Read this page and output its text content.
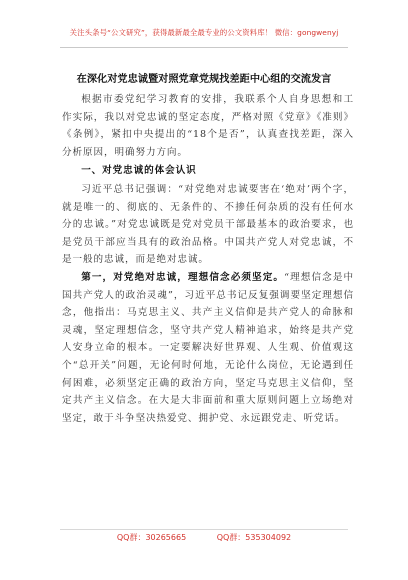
关注头条号“公文研究”，获得最新最全最专业的公文资料库！ 微信：gongwenyj
在深化对党忠诚暨对照党章党规找差距中心组的交流发言

根据市委党纪学习教育的安排，我联系个人自身思想和工作实际，我以对党忠诚的坚定态度，严格对照《党章》《准则》《条例》，紧扣中央提出的“18个是否”，认真查找差距，深入分析原因，明确努力方向。

一、对党忠诚的体会认识

习近平总书记强调：“对党绝对忠诚要害在‘绝对’两个字，就是唯一的、彻底的、无条件的、不掺任何杂质的没有任何水分的忠诚。”对党忠诚既是党对党员干部最基本的政治要求，也是党员干部应当具有的政治品格。中国共产党人对党忠诚，不是一般的忠诚，而是绝对忠诚。

第一，对党绝对忠诚，理想信念必须坚定。“理想信念是中国共产党人的政治灵魂”，习近平总书记反复强调要坚定理想信念，他指出：马克思主义、共产主义信仰是共产党人的命脉和灵魂，坚定理想信念，坚守共产党人精神追求，始终是共产党人安身立命的根本。一定要解决好世界观、人生观、价值观这个“总开关”问题，无论何时何地，无论什么岗位，无论遇到任何困难，必须坚定正确的政治方向，坚定马克思主义信仰，坚定共产主义信念。在大是大非面前和重大原则问题上立场绝对坚定，敢于斗争坚决热爱党、拥护党、永远跟党走、听党话。

QQ群：30265665	QQ群：535304092
